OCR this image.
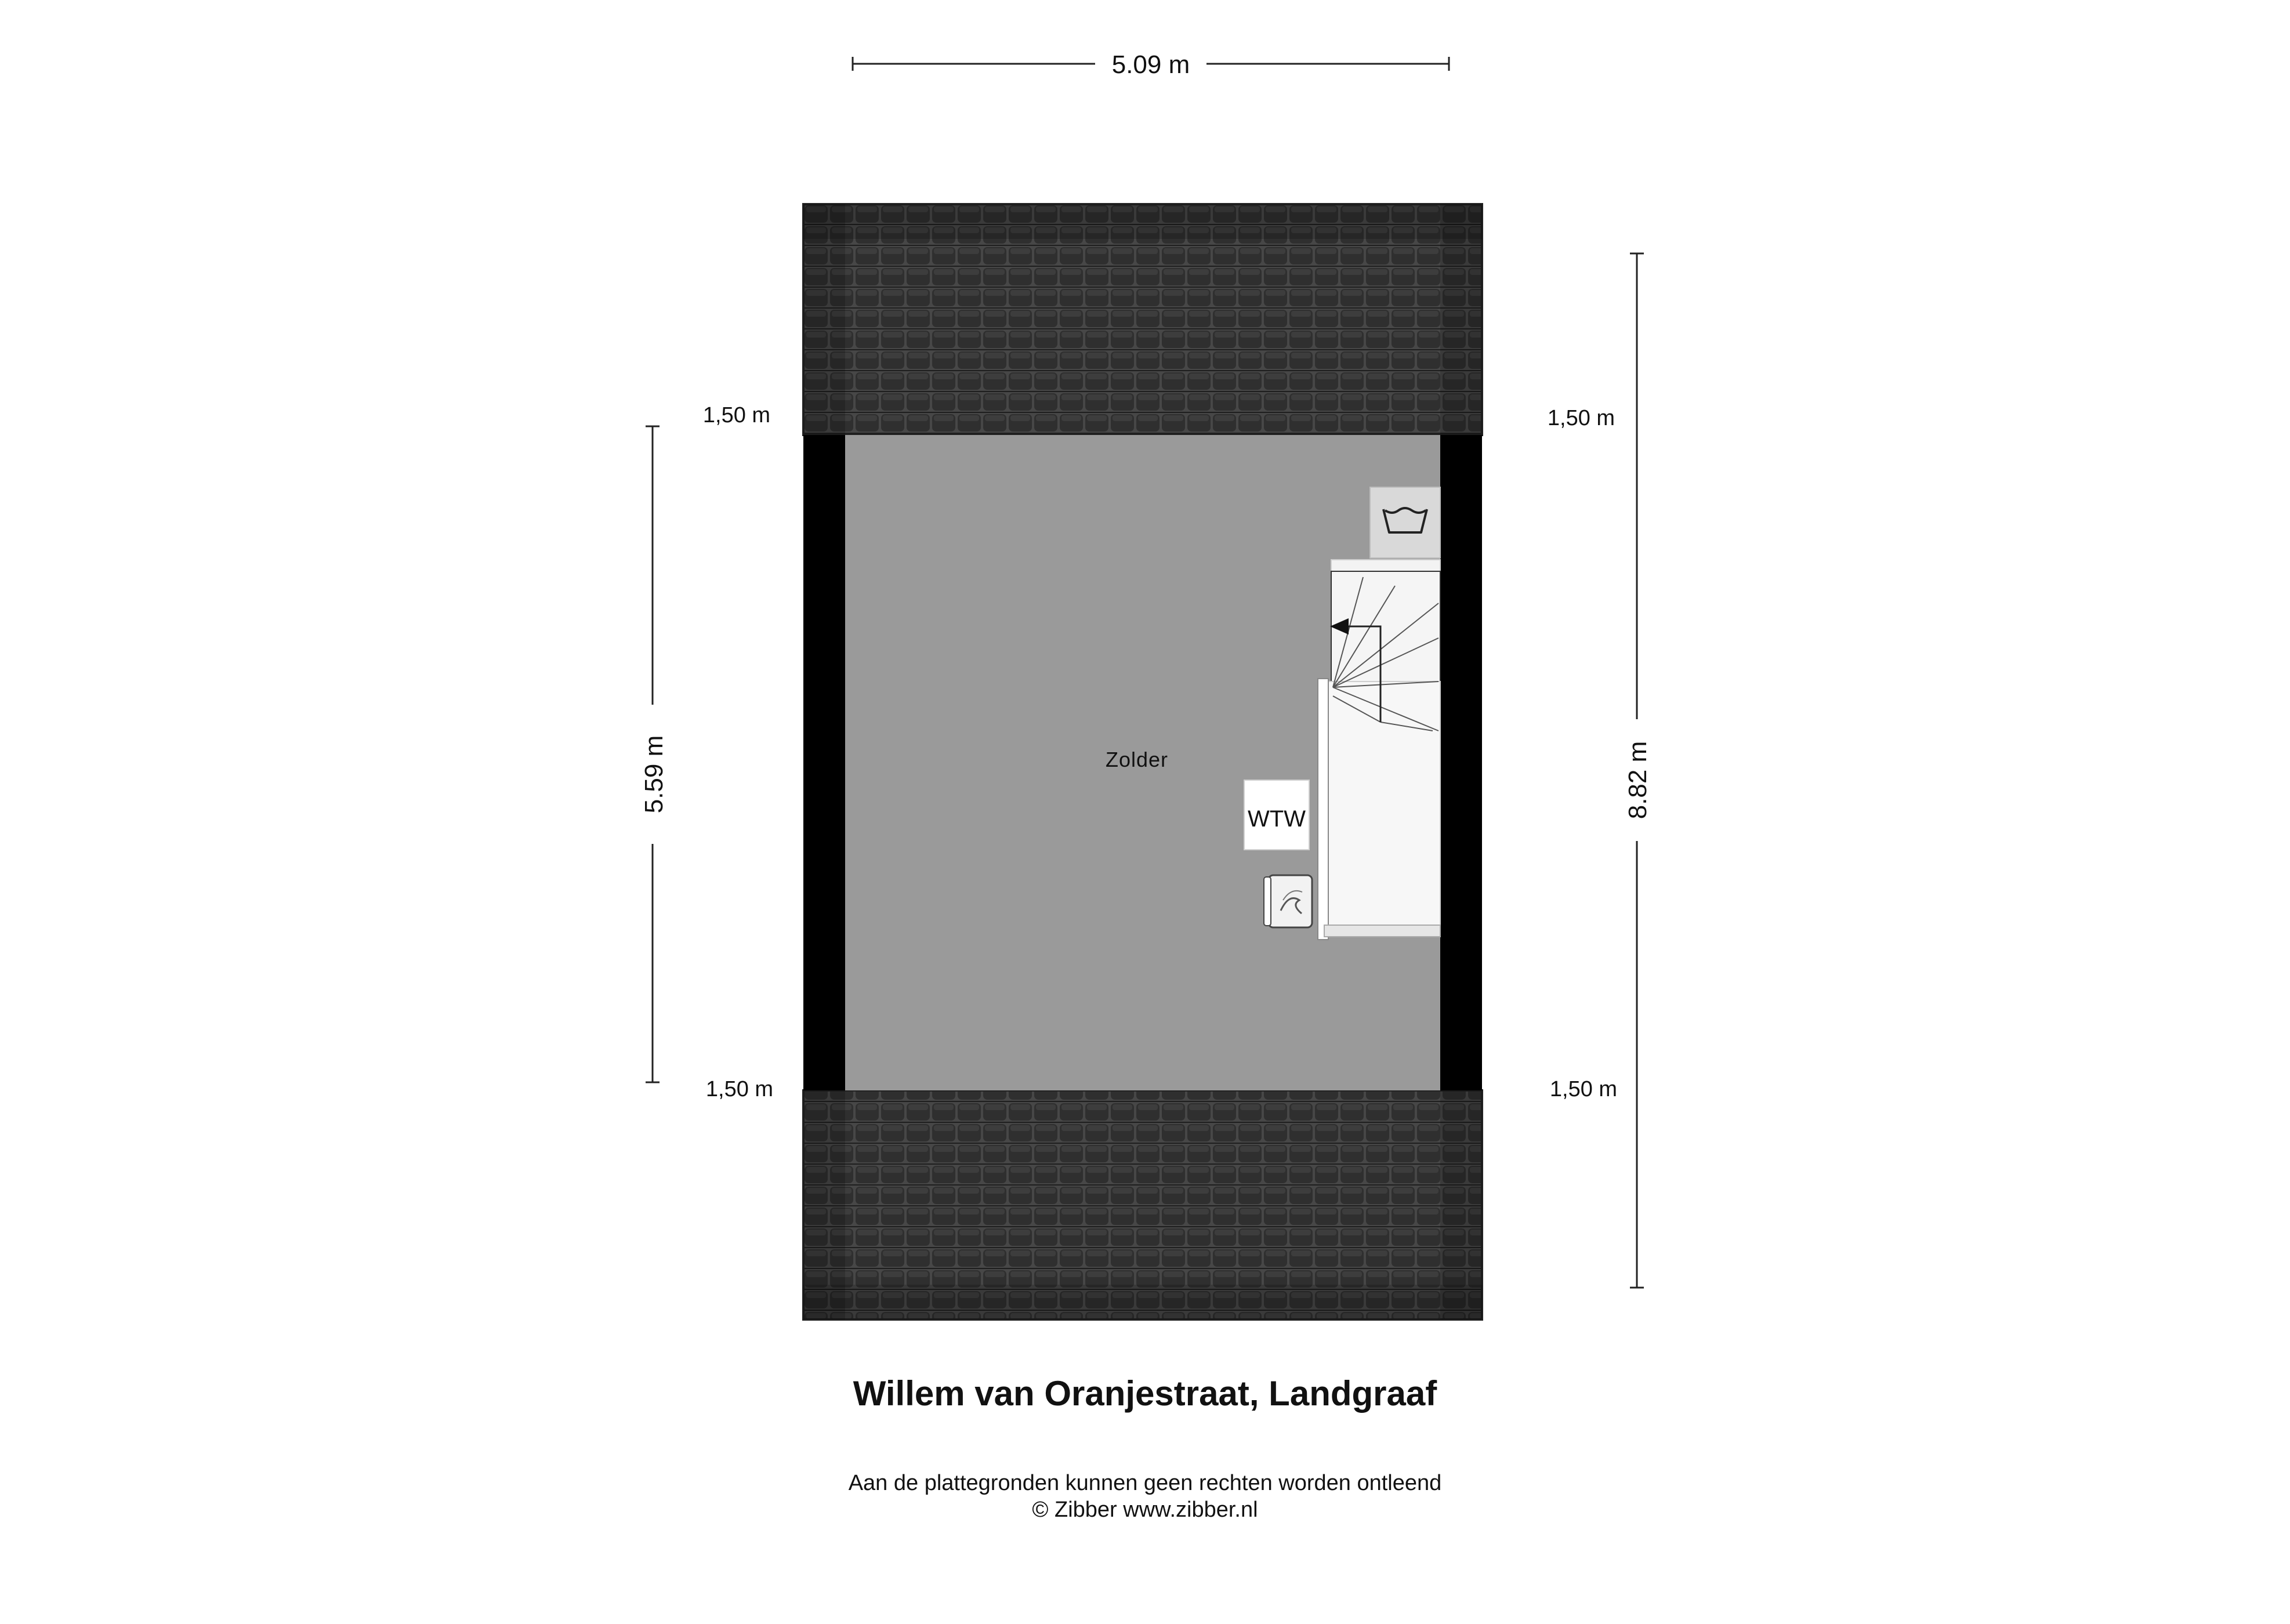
5.09 m
5.59 m	8.82 m
1,50 m	1,50 m
1,50 m	1,50 m
WTW
Zolder
Willem van Oranjestraat, Landgraaf
Aan de plattegronden kunnen geen rechten worden ontleend
© Zibber www.zibber.nl
